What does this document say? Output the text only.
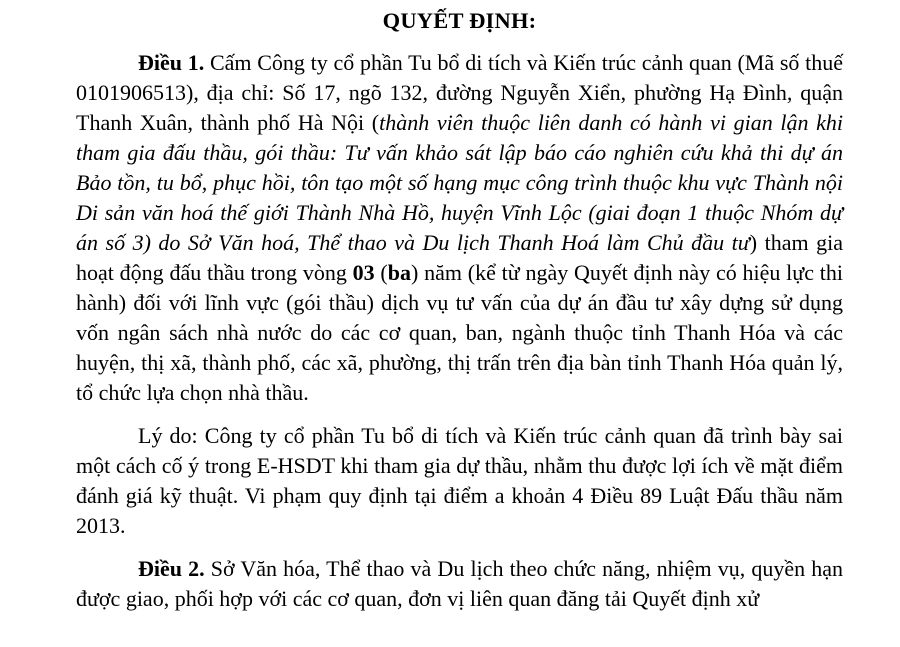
QUYẾT ĐỊNH:

Điều 1. Cấm Công ty cổ phần Tu bổ di tích và Kiến trúc cảnh quan (Mã số thuế 0101906513), địa chỉ: Số 17, ngõ 132, đường Nguyễn Xiển, phường Hạ Đình, quận Thanh Xuân, thành phố Hà Nội (thành viên thuộc liên danh có hành vi gian lận khi tham gia đấu thầu, gói thầu: Tư vấn khảo sát lập báo cáo nghiên cứu khả thi dự án Bảo tồn, tu bổ, phục hồi, tôn tạo một số hạng mục công trình thuộc khu vực Thành nội Di sản văn hoá thế giới Thành Nhà Hồ, huyện Vĩnh Lộc (giai đoạn 1 thuộc Nhóm dự án số 3) do Sở Văn hoá, Thể thao và Du lịch Thanh Hoá làm Chủ đầu tư) tham gia hoạt động đấu thầu trong vòng 03 (ba) năm (kể từ ngày Quyết định này có hiệu lực thi hành) đối với lĩnh vực (gói thầu) dịch vụ tư vấn của dự án đầu tư xây dựng sử dụng vốn ngân sách nhà nước do các cơ quan, ban, ngành thuộc tỉnh Thanh Hóa và các huyện, thị xã, thành phố, các xã, phường, thị trấn trên địa bàn tỉnh Thanh Hóa quản lý, tổ chức lựa chọn nhà thầu.

Lý do: Công ty cổ phần Tu bổ di tích và Kiến trúc cảnh quan đã trình bày sai một cách cố ý trong E-HSDT khi tham gia dự thầu, nhằm thu được lợi ích về mặt điểm đánh giá kỹ thuật. Vi phạm quy định tại điểm a khoản 4 Điều 89 Luật Đấu thầu năm 2013.

Điều 2. Sở Văn hóa, Thể thao và Du lịch theo chức năng, nhiệm vụ, quyền hạn được giao, phối hợp với các cơ quan, đơn vị liên quan đăng tải Quyết định xử
